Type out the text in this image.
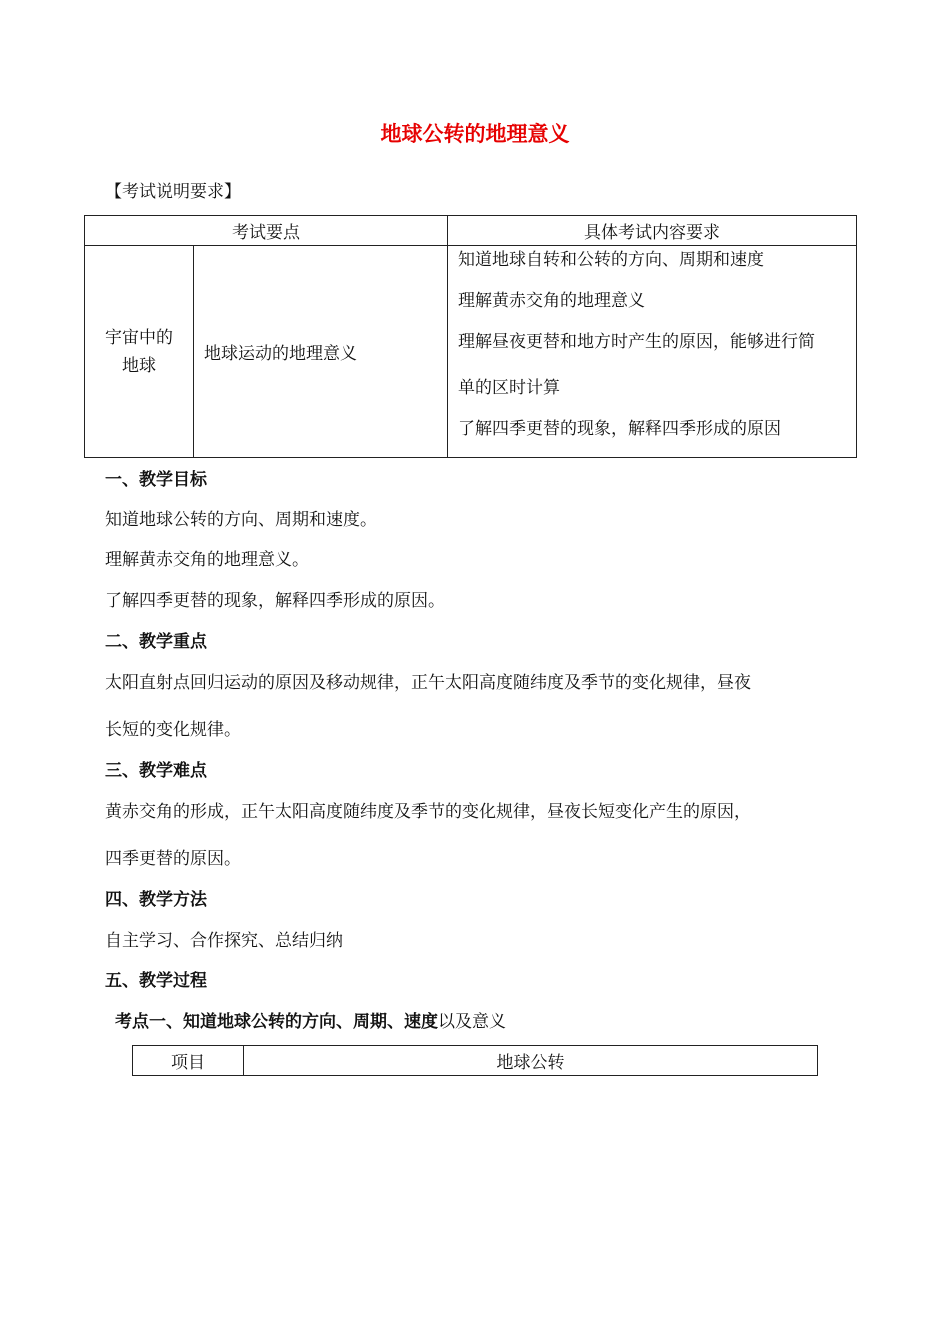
地球公转的地理意义
【考试说明要求】
考试要点		具体考试内容要求
宇宙中的地球	地球运动的地理意义	知道地球自转和公转的方向、周期和速度
理解黄赤交角的地理意义
理解昼夜更替和地方时产生的原因，能够进行简
单的区时计算
了解四季更替的现象，解释四季形成的原因
一、教学目标
知道地球公转的方向、周期和速度。
理解黄赤交角的地理意义。
了解四季更替的现象，解释四季形成的原因。
二、教学重点
太阳直射点回归运动的原因及移动规律，正午太阳高度随纬度及季节的变化规律，昼夜
长短的变化规律。
三、教学难点
黄赤交角的形成，正午太阳高度随纬度及季节的变化规律，昼夜长短变化产生的原因，
四季更替的原因。
四、教学方法
自主学习、合作探究、总结归纳
五、教学过程
考点一、知道地球公转的方向、周期、速度以及意义
项目	地球公转
